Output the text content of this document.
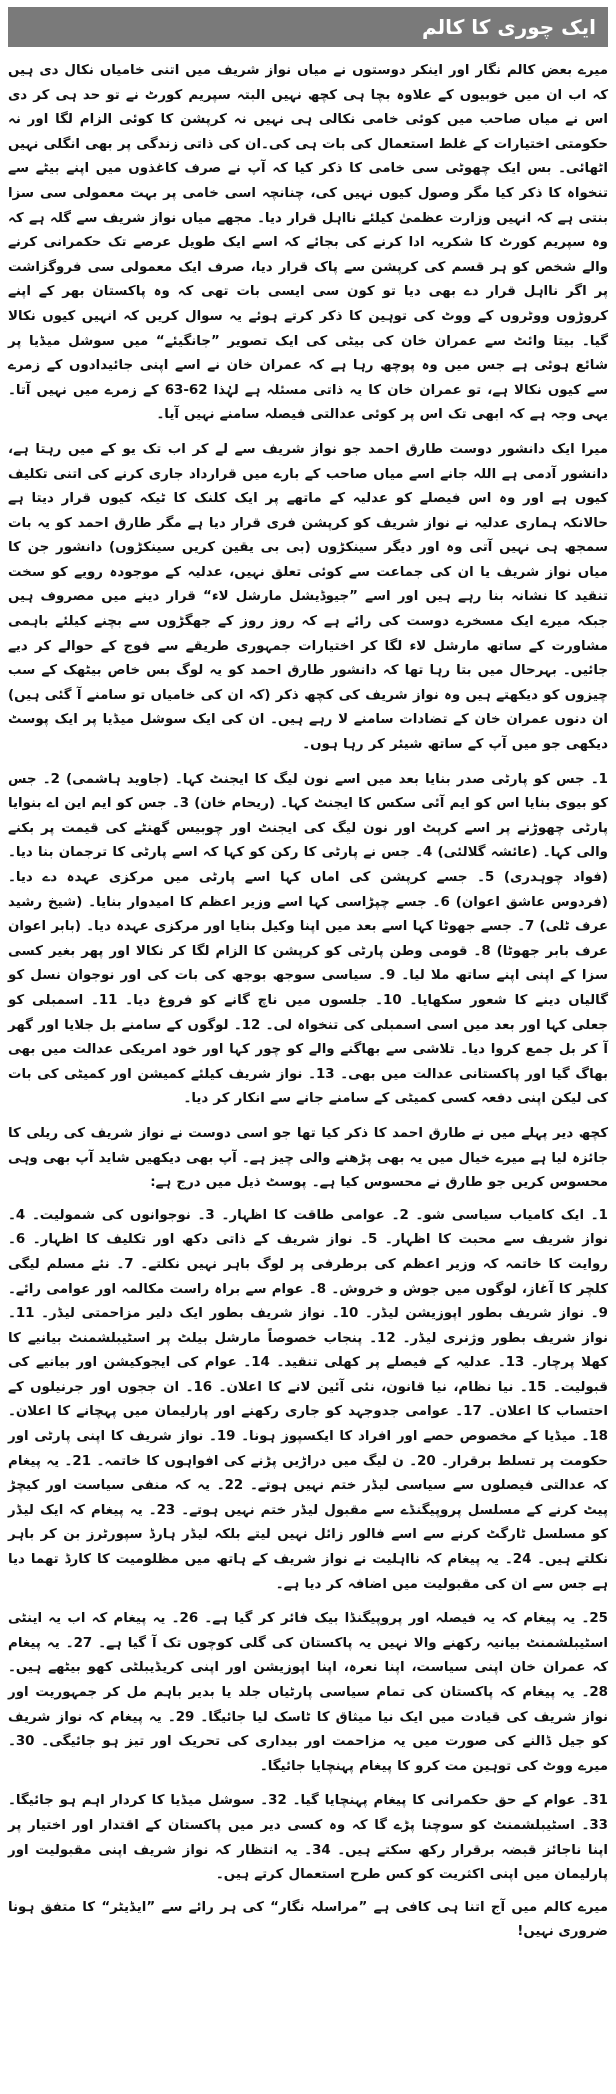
ایک چوری کا کالم

میرے بعض کالم نگار اور اینکر دوستوں نے میاں نواز شریف میں اتنی خامیاں نکال دی ہیں کہ اب ان میں خوبیوں کے علاوہ بچا ہی کچھ نہیں البتہ سپریم کورٹ نے تو حد ہی کر دی اس نے میاں صاحب میں کوئی خامی نکالی ہی نہیں نہ کرپشن کا کوئی الزام لگا اور نہ حکومتی اختیارات کے غلط استعمال کی بات ہی کی۔ان کی ذاتی زندگی پر بھی انگلی نہیں اٹھائی۔ بس ایک چھوٹی سی خامی کا ذکر کیا کہ آپ نے صرف کاغذوں میں اپنے بیٹے سے تنخواہ کا ذکر کیا مگر وصول کیوں نہیں کی، چنانچہ اسی خامی پر بہت معمولی سی سزا بنتی ہے کہ انہیں وزارت عظمیٰ کیلئے نااہل قرار دیا۔ مجھے میاں نواز شریف سے گلہ ہے کہ وہ سپریم کورٹ کا شکریہ ادا کرنے کی بجائے کہ اسے ایک طویل عرصے تک حکمرانی کرنے والے شخص کو ہر قسم کی کرپشن سے پاک قرار دیا، صرف ایک معمولی سی فروگزاشت پر اگر نااہل قرار دے بھی دیا تو کون سی ایسی بات تھی کہ وہ پاکستان بھر کے اپنے کروڑوں ووٹروں کے ووٹ کی توہین کا ذکر کرتے ہوئے یہ سوال کریں کہ انہیں کیوں نکالا گیا۔ بیتا وائٹ سے عمران خان کی بیٹی کی ایک تصویر ”جانگیئے“ میں سوشل میڈیا پر شائع ہوئی ہے جس میں وہ پوچھ رہا ہے کہ عمران خان نے اسے اپنی جائیدادوں کے زمرے سے کیوں نکالا ہے، تو عمران خان کا یہ ذاتی مسئلہ ہے لہٰذا 62-63 کے زمرے میں نہیں آتا۔ یہی وجہ ہے کہ ابھی تک اس پر کوئی عدالتی فیصلہ سامنے نہیں آیا۔

میرا ایک دانشور دوست طارق احمد جو نواز شریف سے لے کر اب تک یو کے میں رہتا ہے، دانشور آدمی ہے اللہ جانے اسے میاں صاحب کے بارے میں قرارداد جاری کرنے کی اتنی تکلیف کیوں ہے اور وہ اس فیصلے کو عدلیہ کے ماتھے پر ایک کلنک کا ٹیکہ کیوں قرار دیتا ہے حالانکہ ہماری عدلیہ نے نواز شریف کو کرپشن فری قرار دیا ہے مگر طارق احمد کو یہ بات سمجھ ہی نہیں آتی وہ اور دیگر سینکڑوں (بی بی یقین کریں سینکڑوں) دانشور جن کا میاں نواز شریف یا ان کی جماعت سے کوئی تعلق نہیں، عدلیہ کے موجودہ رویے کو سخت تنقید کا نشانہ بنا رہے ہیں اور اسے ”جیوڈیشل مارشل لاء“ قرار دینے میں مصروف ہیں جبکہ میرے ایک مسخرے دوست کی رائے ہے کہ روز روز کے جھگڑوں سے بچنے کیلئے باہمی مشاورت کے ساتھ مارشل لاء لگا کر اختیارات جمہوری طریقے سے فوج کے حوالے کر دیے جائیں۔ بہرحال میں بتا رہا تھا کہ دانشور طارق احمد کو یہ لوگ بس خاص بیٹھک کے سب چیزوں کو دیکھتے ہیں وہ نواز شریف کی کچھ ذکر (کہ ان کی خامیاں تو سامنے آ گئی ہیں) ان دنوں عمران خان کے تضادات سامنے لا رہے ہیں۔ ان کی ایک سوشل میڈیا پر ایک پوسٹ دیکھی جو میں آپ کے ساتھ شیئر کر رہا ہوں۔

1۔ جس کو پارٹی صدر بنایا بعد میں اسے نون لیگ کا ایجنٹ کہا۔ (جاوید ہاشمی) 2۔ جس کو بیوی بنایا اس کو ایم آئی سکس کا ایجنٹ کہا۔ (ریحام خان) 3۔ جس کو ایم این اے بنوایا پارٹی چھوڑنے پر اسے کرپٹ اور نون لیگ کی ایجنٹ اور چوبیس گھنٹے کی قیمت پر بکنے والی کہا۔ (عائشہ گلالئی) 4۔ جس نے پارٹی کا رکن کو کہا کہ اسے پارٹی کا ترجمان بنا دیا۔ (فواد چوہدری) 5۔ جسے کرپشن کی اماں کہا اسے پارٹی میں مرکزی عہدہ دے دیا۔ (فردوس عاشق اعوان) 6۔ جسے چپڑاسی کہا اسے وزیر اعظم کا امیدوار بنایا۔ (شیخ رشید عرف ٹلی) 7۔ جسے جھوٹا کہا اسے بعد میں اپنا وکیل بنایا اور مرکزی عہدہ دیا۔ (بابر اعوان عرف بابر جھوٹا) 8۔ قومی وطن پارٹی کو کرپشن کا الزام لگا کر نکالا اور پھر بغیر کسی سزا کے اپنی اپنے ساتھ ملا لیا۔ 9۔ سیاسی سوجھ بوجھ کی بات کی اور نوجوان نسل کو گالیاں دینے کا شعور سکھایا۔ 10۔ جلسوں میں ناچ گانے کو فروغ دیا۔ 11۔ اسمبلی کو جعلی کہا اور بعد میں اسی اسمبلی کی تنخواہ لی۔ 12۔ لوگوں کے سامنے بل جلایا اور گھر آ کر بل جمع کروا دیا۔ تلاشی سے بھاگنے والے کو چور کہا اور خود امریکی عدالت میں بھی بھاگ گیا اور پاکستانی عدالت میں بھی۔ 13۔ نواز شریف کیلئے کمیشن اور کمیٹی کی بات کی لیکن اپنی دفعہ کسی کمیٹی کے سامنے جانے سے انکار کر دیا۔

کچھ دیر پہلے میں نے طارق احمد کا ذکر کیا تھا جو اسی دوست نے نواز شریف کی ریلی کا جائزہ لیا ہے میرے خیال میں یہ بھی پڑھنے والی چیز ہے۔ آپ بھی دیکھیں شاید آپ بھی وہی محسوس کریں جو طارق نے محسوس کیا ہے۔ پوسٹ ذیل میں درج ہے:

1۔ ایک کامیاب سیاسی شو۔ 2۔ عوامی طاقت کا اظہار۔ 3۔ نوجوانوں کی شمولیت۔ 4۔ نواز شریف سے محبت کا اظہار۔ 5۔ نواز شریف کے ذاتی دکھ اور تکلیف کا اظہار۔ 6۔ روایت کا خاتمہ کہ وزیر اعظم کی برطرفی پر لوگ باہر نہیں نکلتے۔ 7۔ نئے مسلم لیگی کلچر کا آغاز، لوگوں میں جوش و خروش۔ 8۔ عوام سے براہ راست مکالمہ اور عوامی رائے۔ 9۔ نواز شریف بطور اپوزیشن لیڈر۔ 10۔ نواز شریف بطور ایک دلیر مزاحمتی لیڈر۔ 11۔ نواز شریف بطور وژنری لیڈر۔ 12۔ پنجاب خصوصاً مارشل بیلٹ پر اسٹیبلشمنٹ بیانیے کا کھلا پرچار۔ 13۔ عدلیہ کے فیصلے پر کھلی تنقید۔ 14۔ عوام کی ایجوکیشن اور بیانیے کی قبولیت۔ 15۔ نیا نظام، نیا قانون، نئی آئین لانے کا اعلان۔ 16۔ ان ججوں اور جرنیلوں کے احتساب کا اعلان۔ 17۔ عوامی جدوجہد کو جاری رکھنے اور پارلیمان میں پہچانے کا اعلان۔ 18۔ میڈیا کے مخصوص حصے اور افراد کا ایکسپوز ہونا۔ 19۔ نواز شریف کا اپنی پارٹی اور حکومت پر تسلط برقرار۔ 20۔ ن لیگ میں دراڑیں پڑنے کی افواہوں کا خاتمہ۔ 21۔ یہ پیغام کہ عدالتی فیصلوں سے سیاسی لیڈر ختم نہیں ہوتے۔ 22۔ یہ کہ منفی سیاست اور کیچڑ پیٹ کرنے کے مسلسل پروپیگنڈے سے مقبول لیڈر ختم نہیں ہوتے۔ 23۔ یہ پیغام کہ ایک لیڈر کو مسلسل ٹارگٹ کرنے سے اسے فالور زائل نہیں لیتے بلکہ لیڈر ہارڈ سپورٹرز بن کر باہر نکلتے ہیں۔ 24۔ یہ پیغام کہ نااہلیت نے نواز شریف کے ہاتھ میں مظلومیت کا کارڈ تھما دیا ہے جس سے ان کی مقبولیت میں اضافہ کر دیا ہے۔

25۔ یہ پیغام کہ یہ فیصلہ اور پروپیگنڈا بیک فائر کر گیا ہے۔ 26۔ یہ پیغام کہ اب یہ اینٹی اسٹیبلشمنٹ بیانیہ رکھنے والا نہیں یہ پاکستان کی گلی کوچوں تک آ گیا ہے۔ 27۔ یہ پیغام کہ عمران خان اپنی سیاست، اپنا نعرہ، اپنا اپوزیشن اور اپنی کریڈیبلٹی کھو بیٹھے ہیں۔ 28۔ یہ پیغام کہ پاکستان کی تمام سیاسی پارٹیاں جلد یا بدیر باہم مل کر جمہوریت اور نواز شریف کی قیادت میں ایک نیا میثاق کا ٹاسک لیا جائیگا۔ 29۔ یہ پیغام کہ نواز شریف کو جیل ڈالنے کی صورت میں یہ مزاحمت اور بیداری کی تحریک اور تیز ہو جائیگی۔ 30۔ میرے ووٹ کی توہین مت کرو کا پیغام پہنچایا جائیگا۔

31۔ عوام کے حق حکمرانی کا پیغام پہنچایا گیا۔ 32۔ سوشل میڈیا کا کردار اہم ہو جائیگا۔ 33۔ اسٹیبلشمنٹ کو سوچنا پڑے گا کہ وہ کسی دیر میں پاکستان کے اقتدار اور اختیار پر اپنا ناجائز قبضہ برقرار رکھ سکتے ہیں۔ 34۔ یہ انتظار کہ نواز شریف اپنی مقبولیت اور پارلیمان میں اپنی اکثریت کو کس طرح استعمال کرتے ہیں۔

میرے کالم میں آج اتنا ہی کافی ہے ”مراسلہ نگار“ کی ہر رائے سے ”ایڈیٹر“ کا متفق ہونا ضروری نہیں!
